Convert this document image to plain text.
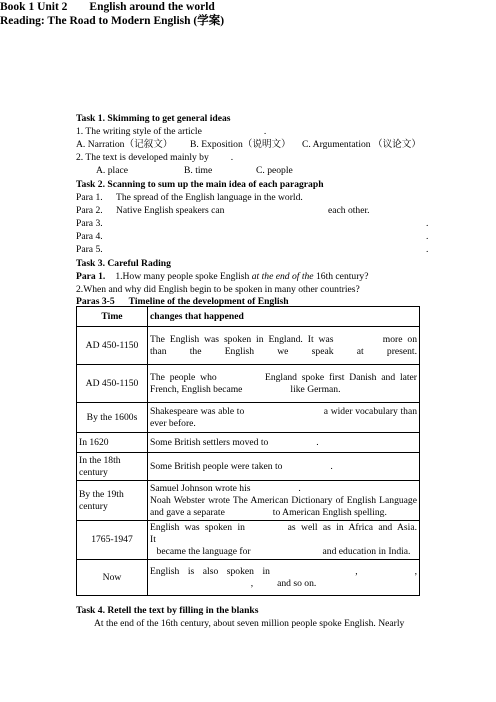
Book 1 Unit 2 English around the world
Reading: The Road to Modern English (学案)
Task 1. Skimming to get general ideas
1. The writing style of the article	.
A. Narration（记叙文） B. Exposition（说明文） C. Argumentation （议论文）
2. The text is developed mainly by .
A. place	B. time	C. people
Task 2. Scanning to sum up the main idea of each paragraph
Para 1. The spread of the English language in the world.
Para 2. Native English speakers can	each other.
Para 3.	.
Para 4.	.
Para 5.	.
Task 3. Careful Rading
Para 1. 1.How many people spoke English at the end of the 16th century?
2.When and why did English begin to be spoken in many other countries?
Paras 3-5 Timeline of the development of English
Time	changes that happened
AD 450-1150	The  English  was  spoken  in  England.  It  was                    more  on
than the English we speak at present.

AD 450-1150	The  people  who                    England  spoke  first  Danish  and  later
French, English became                    like German.

By the 1600s	Shakespeare was able to                              a wider vocabulary than
ever before.

In 1620	Some British settlers moved to                    .

In the 18th century	Some British people were taken to                    .

By the 19th century	Samuel Johnson wrote his                    .
Noah Webster wrote The American Dictionary of English Language and gave a separate                    to American English spelling.

1765-1947	English  was  spoken  in                as  well  as  in  Africa  and  Asia.  It
became the language for                              and education in India.

Now	English   is   also   spoken   in                              ,                    ,
,          and so on.
Task 4. Retell the text by filling in the blanks
At the end of the 16th century, about seven million people spoke English. Nearly
